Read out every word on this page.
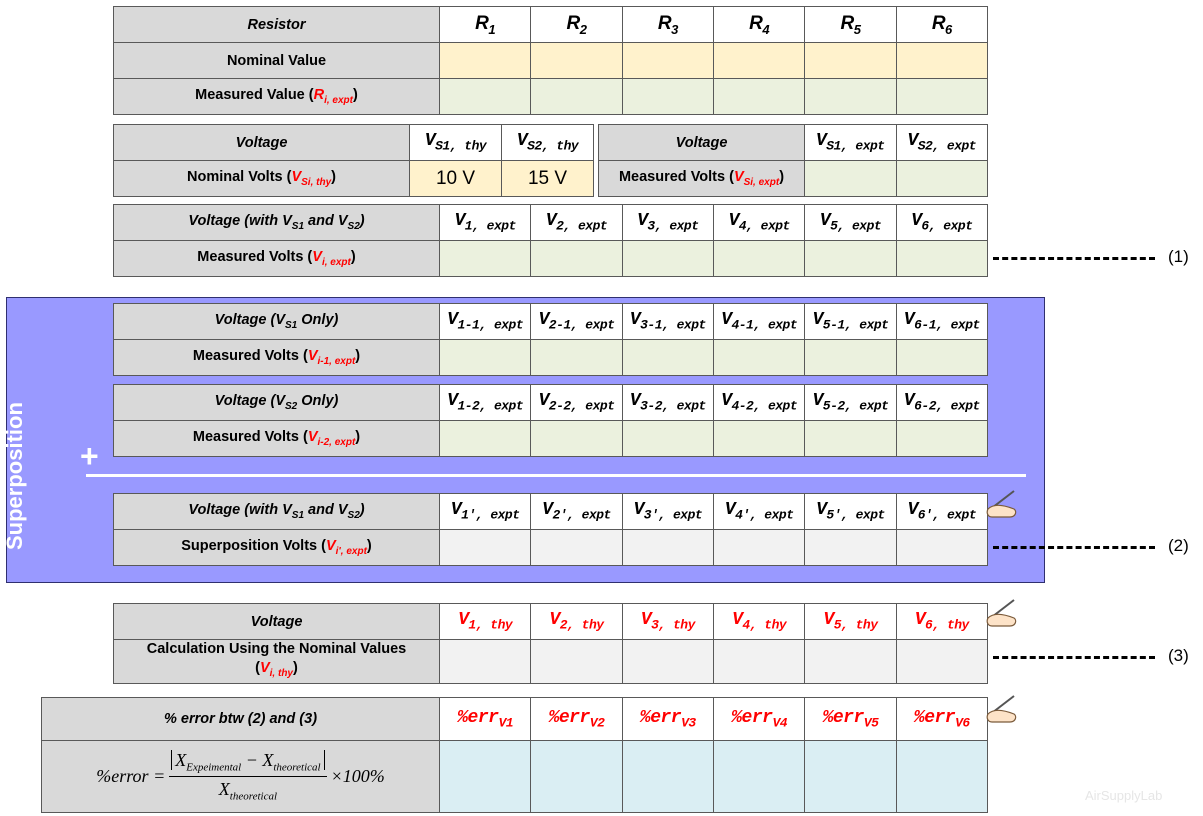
Resistor	$R_1$	$R_2$	$R_3$	$R_4$	$R_5$	$R_6$
Nominal Value						
Measured Value $(R_{i, expt})$						
Voltage	$V_{S1, thy}$	$V_{S2, thy}$
Nominal Volts $(V_{Si, thy})$	10 V	15 V
Voltage	$V_{S1, expt}$	$V_{S2, expt}$
Measured Volts $(V_{Si, expt})$		
Voltage (with $V_{S1}$ and $V_{S2}$)	$V_{1, expt}$	$V_{2, expt}$	$V_{3, expt}$	$V_{4, expt}$	$V_{5, expt}$	$V_{6, expt}$
Measured Volts $(V_{i, expt})$							(1)
Superposition +
Voltage ($V_{S1}$ Only)	$V_{1-1, expt}$	$V_{2-1, expt}$	$V_{3-1, expt}$	$V_{4-1, expt}$	$V_{5-1, expt}$	$V_{6-1, expt}$
Measured Volts $(V_{i-1, expt})$						
Voltage ($V_{S2}$ Only)	$V_{1-2, expt}$	$V_{2-2, expt}$	$V_{3-2, expt}$	$V_{4-2, expt}$	$V_{5-2, expt}$	$V_{6-2, expt}$
Measured Volts $(V_{i-2, expt})$						
Voltage (with $V_{S1}$ and $V_{S2}$)	$V_{1', expt}$	$V_{2', expt}$	$V_{3', expt}$	$V_{4', expt}$	$V_{5', expt}$	$V_{6', expt}$
Superposition Volts $(V_{i', expt})$							(2)
Voltage	$V_{1, thy}$	$V_{2, thy}$	$V_{3, thy}$	$V_{4, thy}$	$V_{5, thy}$	$V_{6, thy}$
Calculation Using the Nominal Values
$(V_{i, thy})$						
(3)
% error btw (2) and (3)	%err$_{V1}$	%err$_{V2}$	%err$_{V3}$	%err$_{V4}$	%err$_{V5}$	%err$_{V6}$

%error = $\frac{X_{Expeimental} - X_{theoretical}}{X_{theoretical}} \times 100\%$						

AirSupplyLab
